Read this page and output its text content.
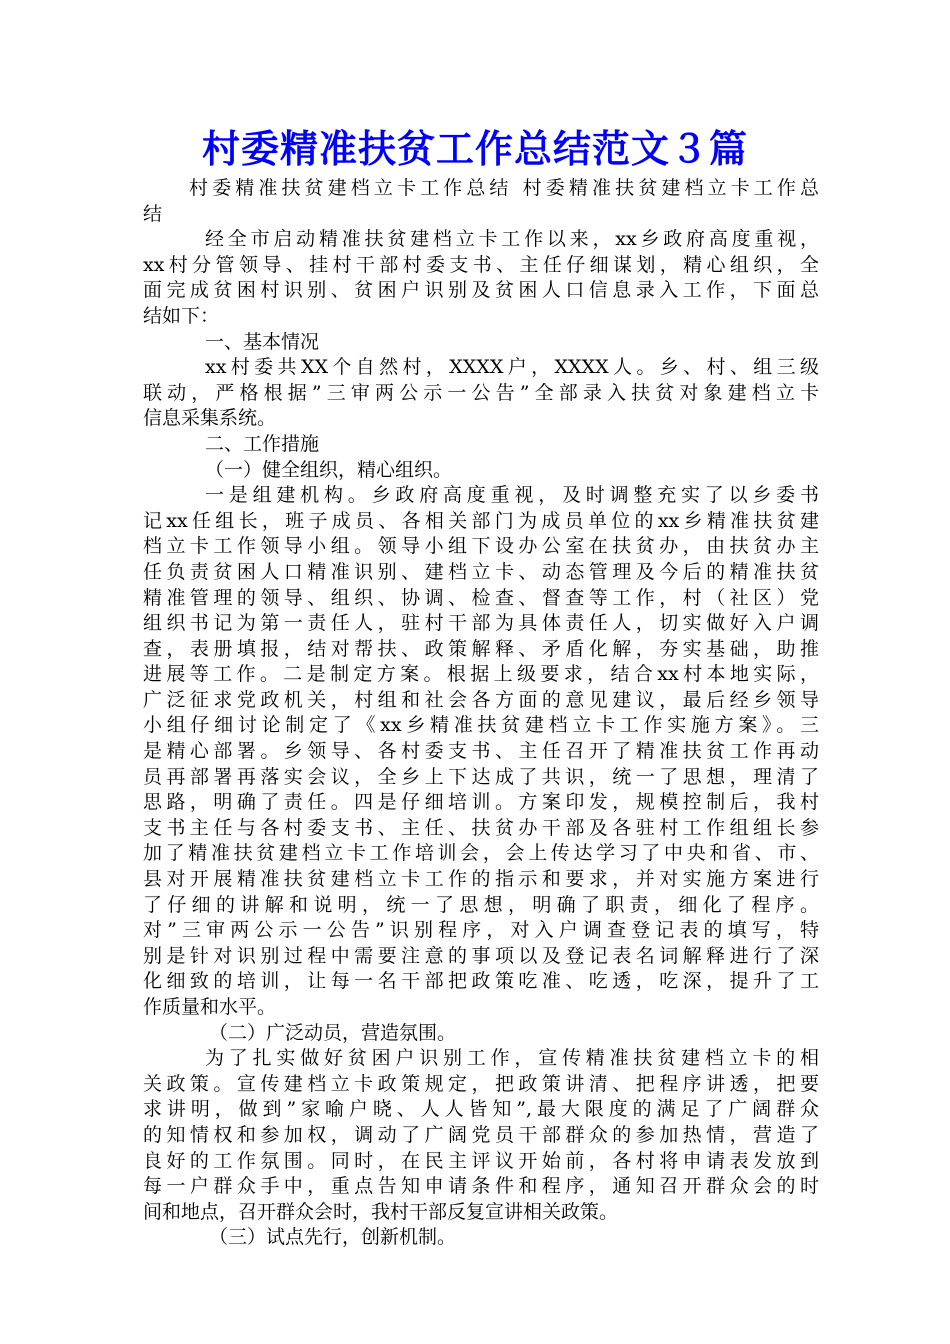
村委精准扶贫工作总结范文３篇

村委精准扶贫建档立卡工作总结 村委精准扶贫建档立卡工作总

结

经全市启动精准扶贫建档立卡工作以来，xx乡政府高度重视，

xx村分管领导、挂村干部村委支书、主任仔细谋划，精心组织，全

面完成贫困村识别、贫困户识别及贫困人口信息录入工作，下面总

结如下：

一、基本情况

xx村委共XX个自然村，XXXX户，XXXX人。乡、村、组三级

联动，严格根据”三审两公示一公告”全部录入扶贫对象建档立卡

信息采集系统。

二、工作措施

（一）健全组织，精心组织。

一是组建机构。乡政府高度重视，及时调整充实了以乡委书

记xx任组长，班子成员、各相关部门为成员单位的xx乡精准扶贫建

档立卡工作领导小组。领导小组下设办公室在扶贫办，由扶贫办主

任负责贫困人口精准识别、建档立卡、动态管理及今后的精准扶贫

精准管理的领导、组织、协调、检查、督查等工作，村（社区）党

组织书记为第一责任人，驻村干部为具体责任人，切实做好入户调

查，表册填报，结对帮扶、政策解释、矛盾化解，夯实基础，助推

进展等工作。二是制定方案。根据上级要求，结合xx村本地实际，

广泛征求党政机关，村组和社会各方面的意见建议，最后经乡领导

小组仔细讨论制定了《xx乡精准扶贫建档立卡工作实施方案》。三

是精心部署。乡领导、各村委支书、主任召开了精准扶贫工作再动

员再部署再落实会议，全乡上下达成了共识，统一了思想，理清了

思路，明确了责任。四是仔细培训。方案印发，规模控制后，我村

支书主任与各村委支书、主任、扶贫办干部及各驻村工作组组长参

加了精准扶贫建档立卡工作培训会，会上传达学习了中央和省、市、

县对开展精准扶贫建档立卡工作的指示和要求，并对实施方案进行

了仔细的讲解和说明，统一了思想，明确了职责，细化了程序。

对”三审两公示一公告”识别程序，对入户调查登记表的填写，特

别是针对识别过程中需要注意的事项以及登记表名词解释进行了深

化细致的培训，让每一名干部把政策吃准、吃透，吃深，提升了工

作质量和水平。

（二）广泛动员，营造氛围。

为了扎实做好贫困户识别工作，宣传精准扶贫建档立卡的相

关政策。宣传建档立卡政策规定，把政策讲清、把程序讲透，把要

求讲明，做到”家喻户晓、人人皆知”,最大限度的满足了广阔群众

的知情权和参加权，调动了广阔党员干部群众的参加热情，营造了

良好的工作氛围。同时，在民主评议开始前，各村将申请表发放到

每一户群众手中，重点告知申请条件和程序，通知召开群众会的时

间和地点，召开群众会时，我村干部反复宣讲相关政策。

（三）试点先行，创新机制。
